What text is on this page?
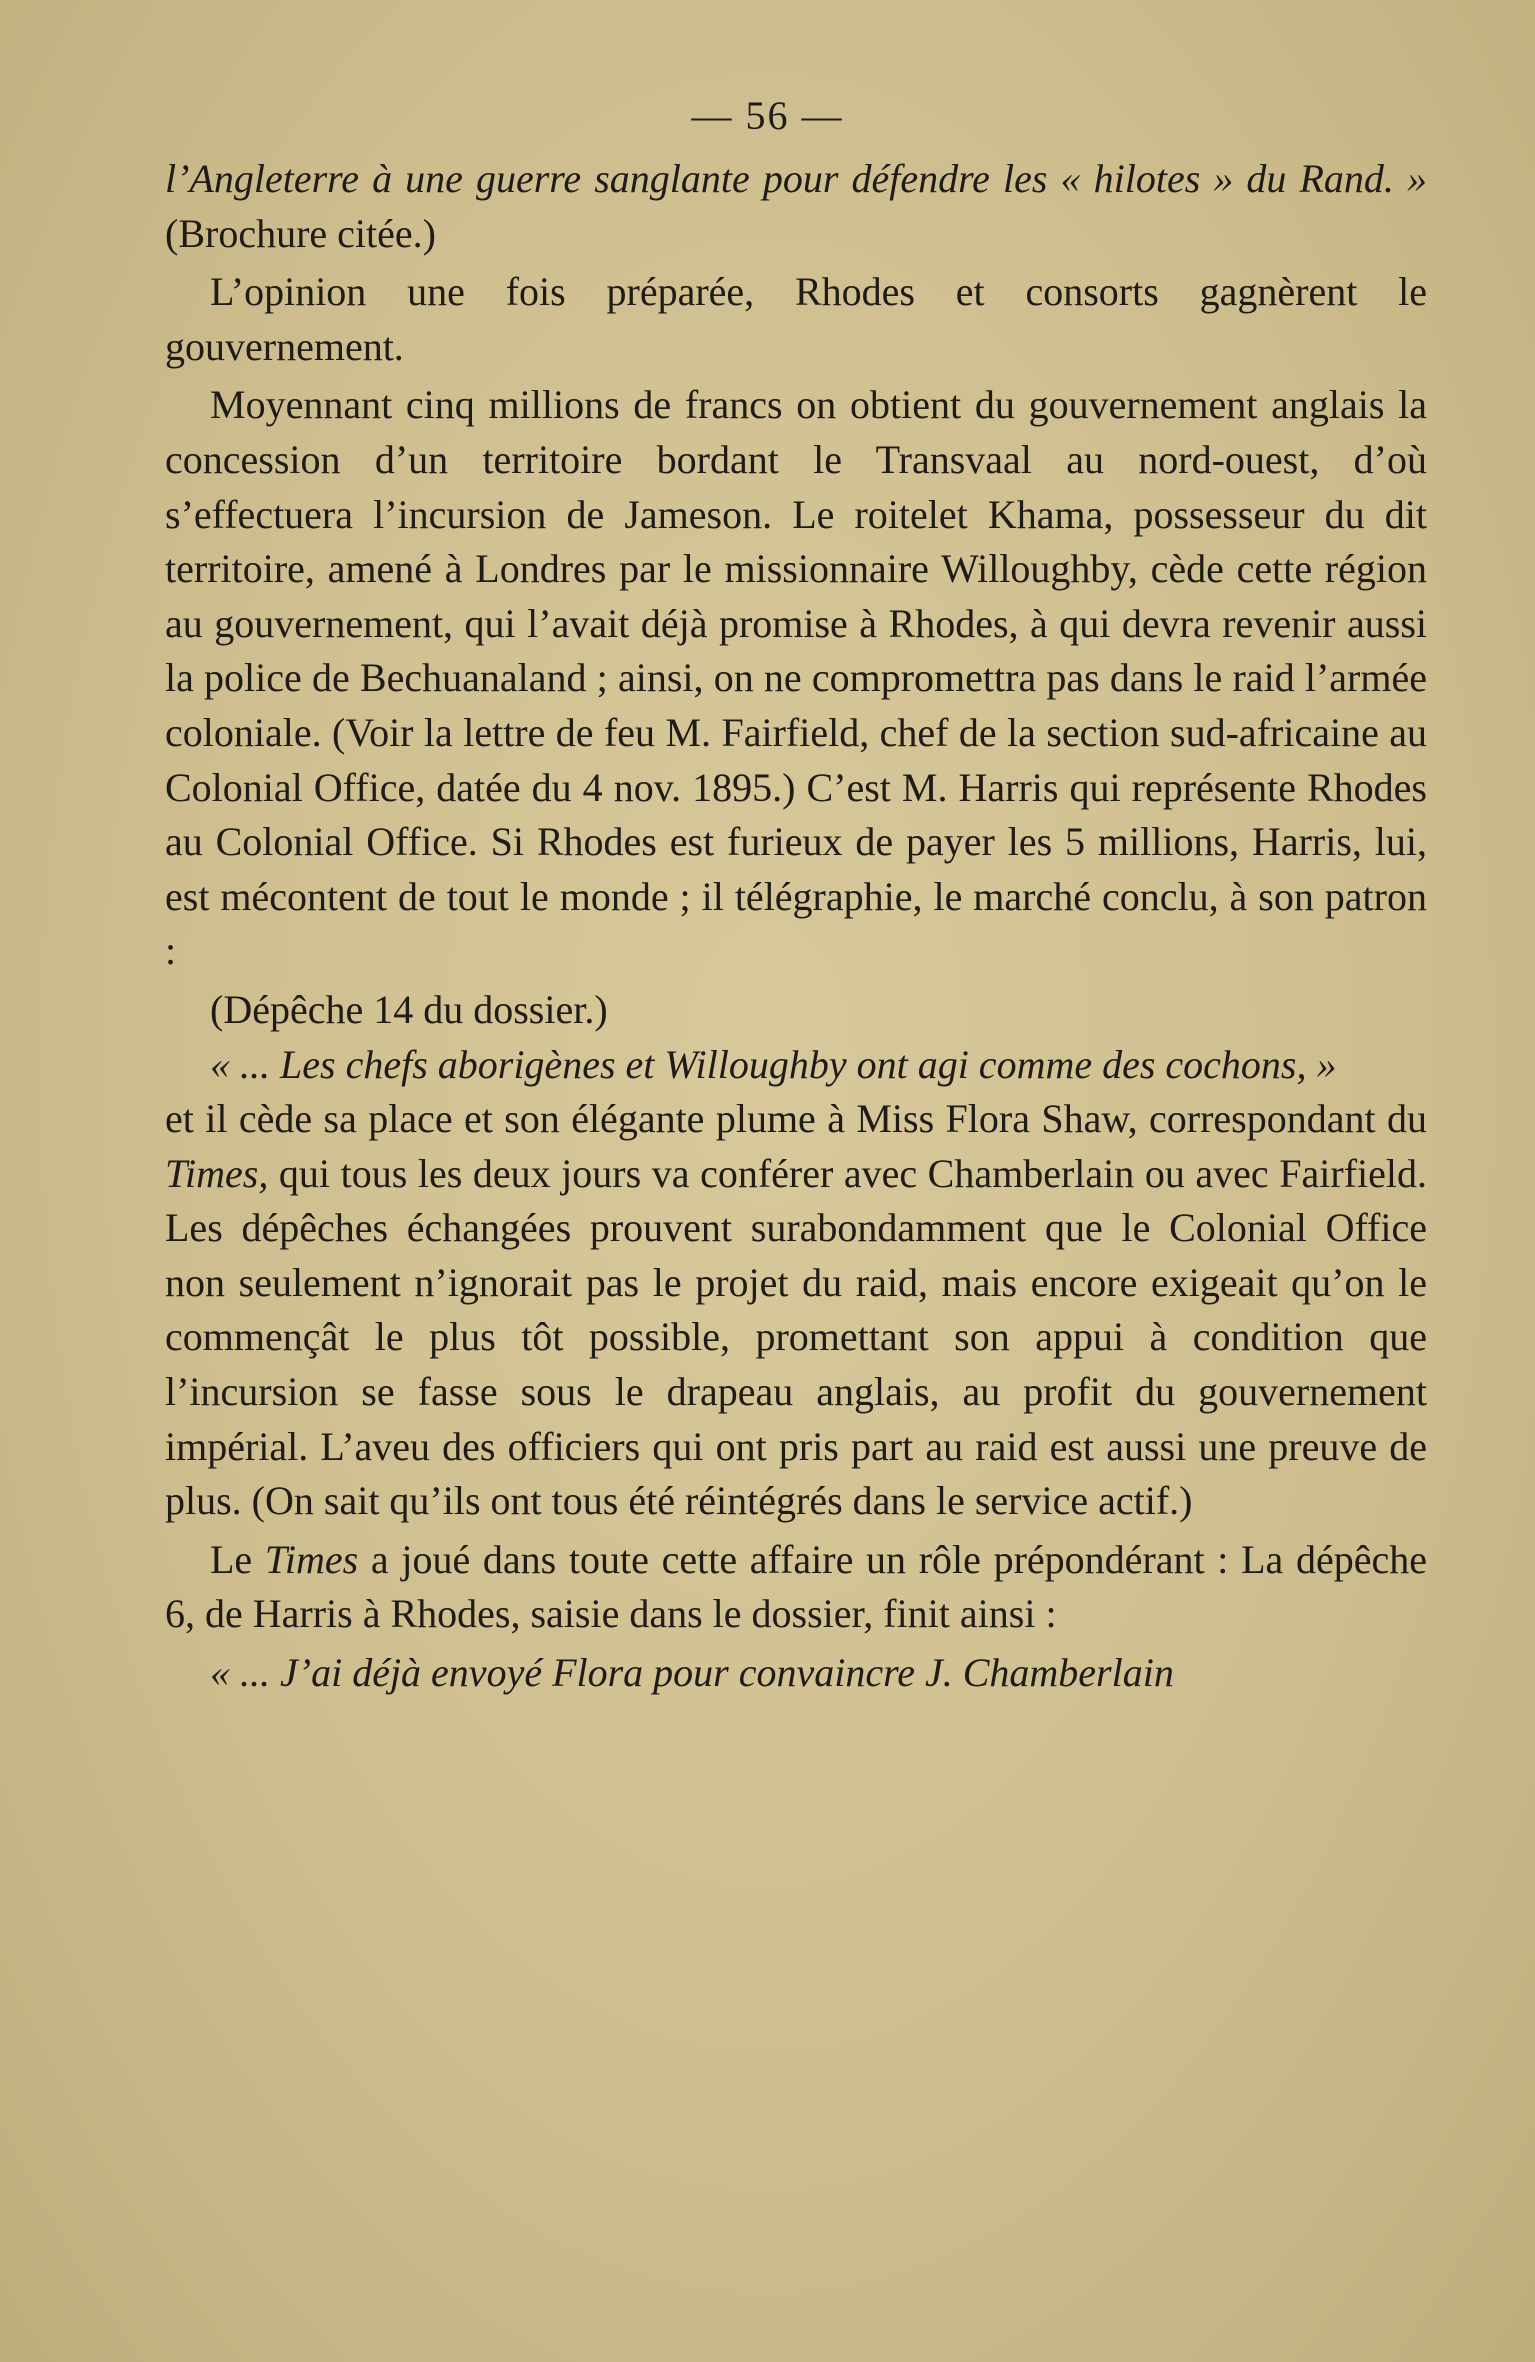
— 56 —

l’Angleterre à une guerre sanglante pour défendre les « hilotes » du Rand. » (Brochure citée.)

L’opinion une fois préparée, Rhodes et consorts gagnèrent le gouvernement.

Moyennant cinq millions de francs on obtient du gouvernement anglais la concession d’un territoire bordant le Transvaal au nord-ouest, d’où s’effectuera l’incursion de Jameson. Le roitelet Khama, possesseur du dit territoire, amené à Londres par le missionnaire Willoughby, cède cette région au gouvernement, qui l’avait déjà promise à Rhodes, à qui devra revenir aussi la police de Bechuanaland ; ainsi, on ne compromettra pas dans le raid l’armée coloniale. (Voir la lettre de feu M. Fairfield, chef de la section sud-africaine au Colonial Office, datée du 4 nov. 1895.) C’est M. Harris qui représente Rhodes au Colonial Office. Si Rhodes est furieux de payer les 5 millions, Harris, lui, est mécontent de tout le monde ; il télégraphie, le marché conclu, à son patron :

(Dépêche 14 du dossier.)

« ... Les chefs aborigènes et Willoughby ont agi comme des cochons, »

et il cède sa place et son élégante plume à Miss Flora Shaw, correspondant du Times, qui tous les deux jours va conférer avec Chamberlain ou avec Fairfield. Les dépêches échangées prouvent surabondamment que le Colonial Office non seulement n’ignorait pas le projet du raid, mais encore exigeait qu’on le commençât le plus tôt possible, promettant son appui à condition que l’incursion se fasse sous le drapeau anglais, au profit du gouvernement impérial. L’aveu des officiers qui ont pris part au raid est aussi une preuve de plus. (On sait qu’ils ont tous été réintégrés dans le service actif.)

Le Times a joué dans toute cette affaire un rôle prépondérant : La dépêche 6, de Harris à Rhodes, saisie dans le dossier, finit ainsi :

« ... J’ai déjà envoyé Flora pour convaincre J. Chamberlain
